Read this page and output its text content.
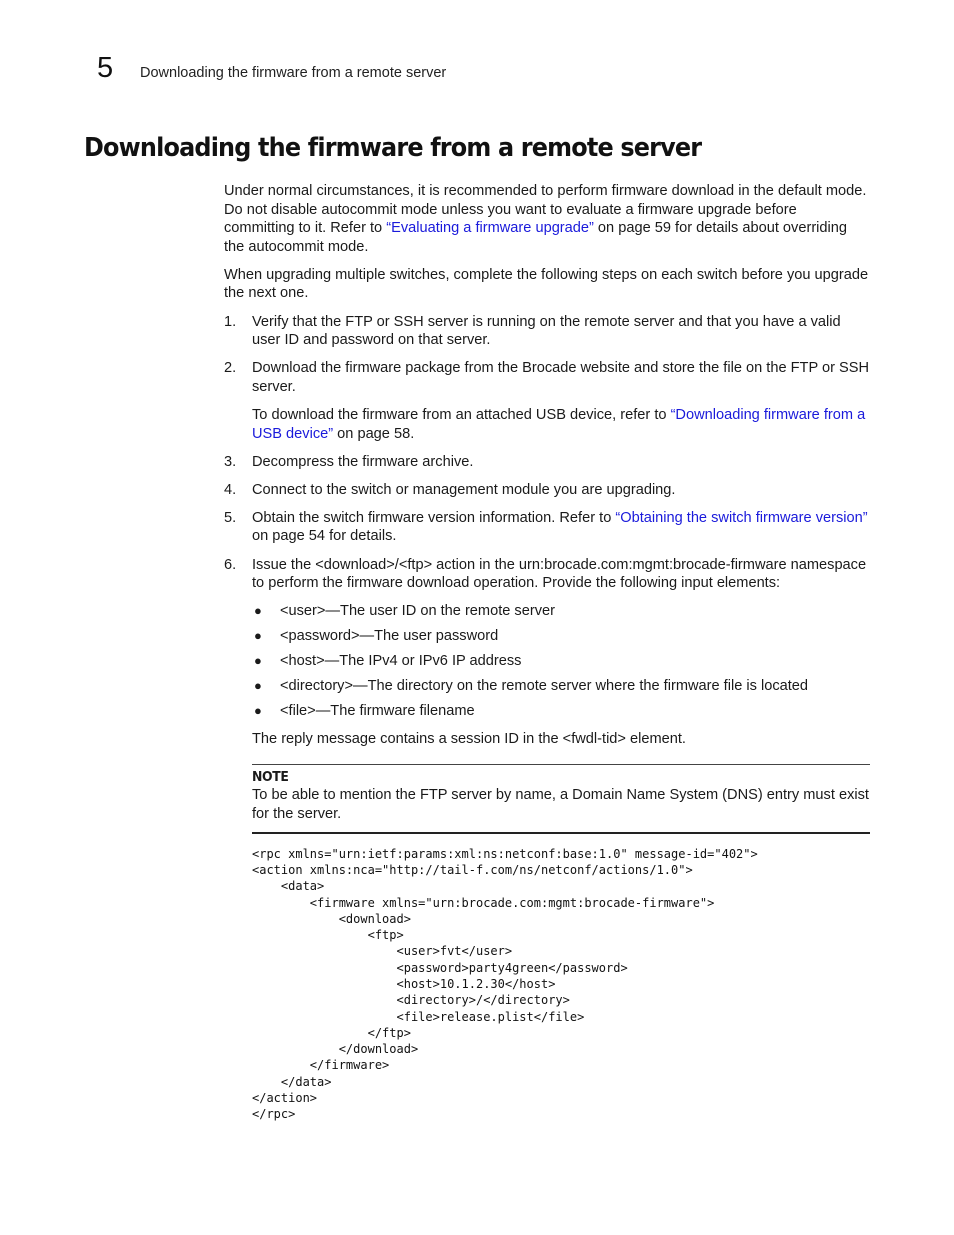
5 Downloading the firmware from a remote server
Downloading the firmware from a remote server

Under normal circumstances, it is recommended to perform firmware download in the default mode. Do not disable autocommit mode unless you want to evaluate a firmware upgrade before committing to it. Refer to “Evaluating a firmware upgrade” on page 59 for details about overriding the autocommit mode.

When upgrading multiple switches, complete the following steps on each switch before you upgrade the next one.

1. Verify that the FTP or SSH server is running on the remote server and that you have a valid user ID and password on that server.
2. Download the firmware package from the Brocade website and store the file on the FTP or SSH server.

To download the firmware from an attached USB device, refer to “Downloading firmware from a USB device” on page 58.

3. Decompress the firmware archive.
4. Connect to the switch or management module you are upgrading.
5. Obtain the switch firmware version information. Refer to “Obtaining the switch firmware version” on page 54 for details.
6. Issue the <download>/<ftp> action in the urn:brocade.com:mgmt:brocade-firmware namespace to perform the firmware download operation. Provide the following input elements:
● <user>—The user ID on the remote server
● <password>—The user password
● <host>—The IPv4 or IPv6 IP address
● <directory>—The directory on the remote server where the firmware file is located
● <file>—The firmware filename

The reply message contains a session ID in the <fwdl-tid> element.

NOTE
To be able to mention the FTP server by name, a Domain Name System (DNS) entry must exist for the server.
<rpc xmlns="urn:ietf:params:xml:ns:netconf:base:1.0" message-id="402">
<action xmlns:nca="http://tail-f.com/ns/netconf/actions/1.0">
<data>
<firmware xmlns="urn:brocade.com:mgmt:brocade-firmware">
<download>
<ftp>
<user>fvt</user>
<password>party4green</password>
<host>10.1.2.30</host>
<directory>/</directory>
<file>release.plist</file>
</ftp>
</download>
</firmware>
</data>
</action>
</rpc>
